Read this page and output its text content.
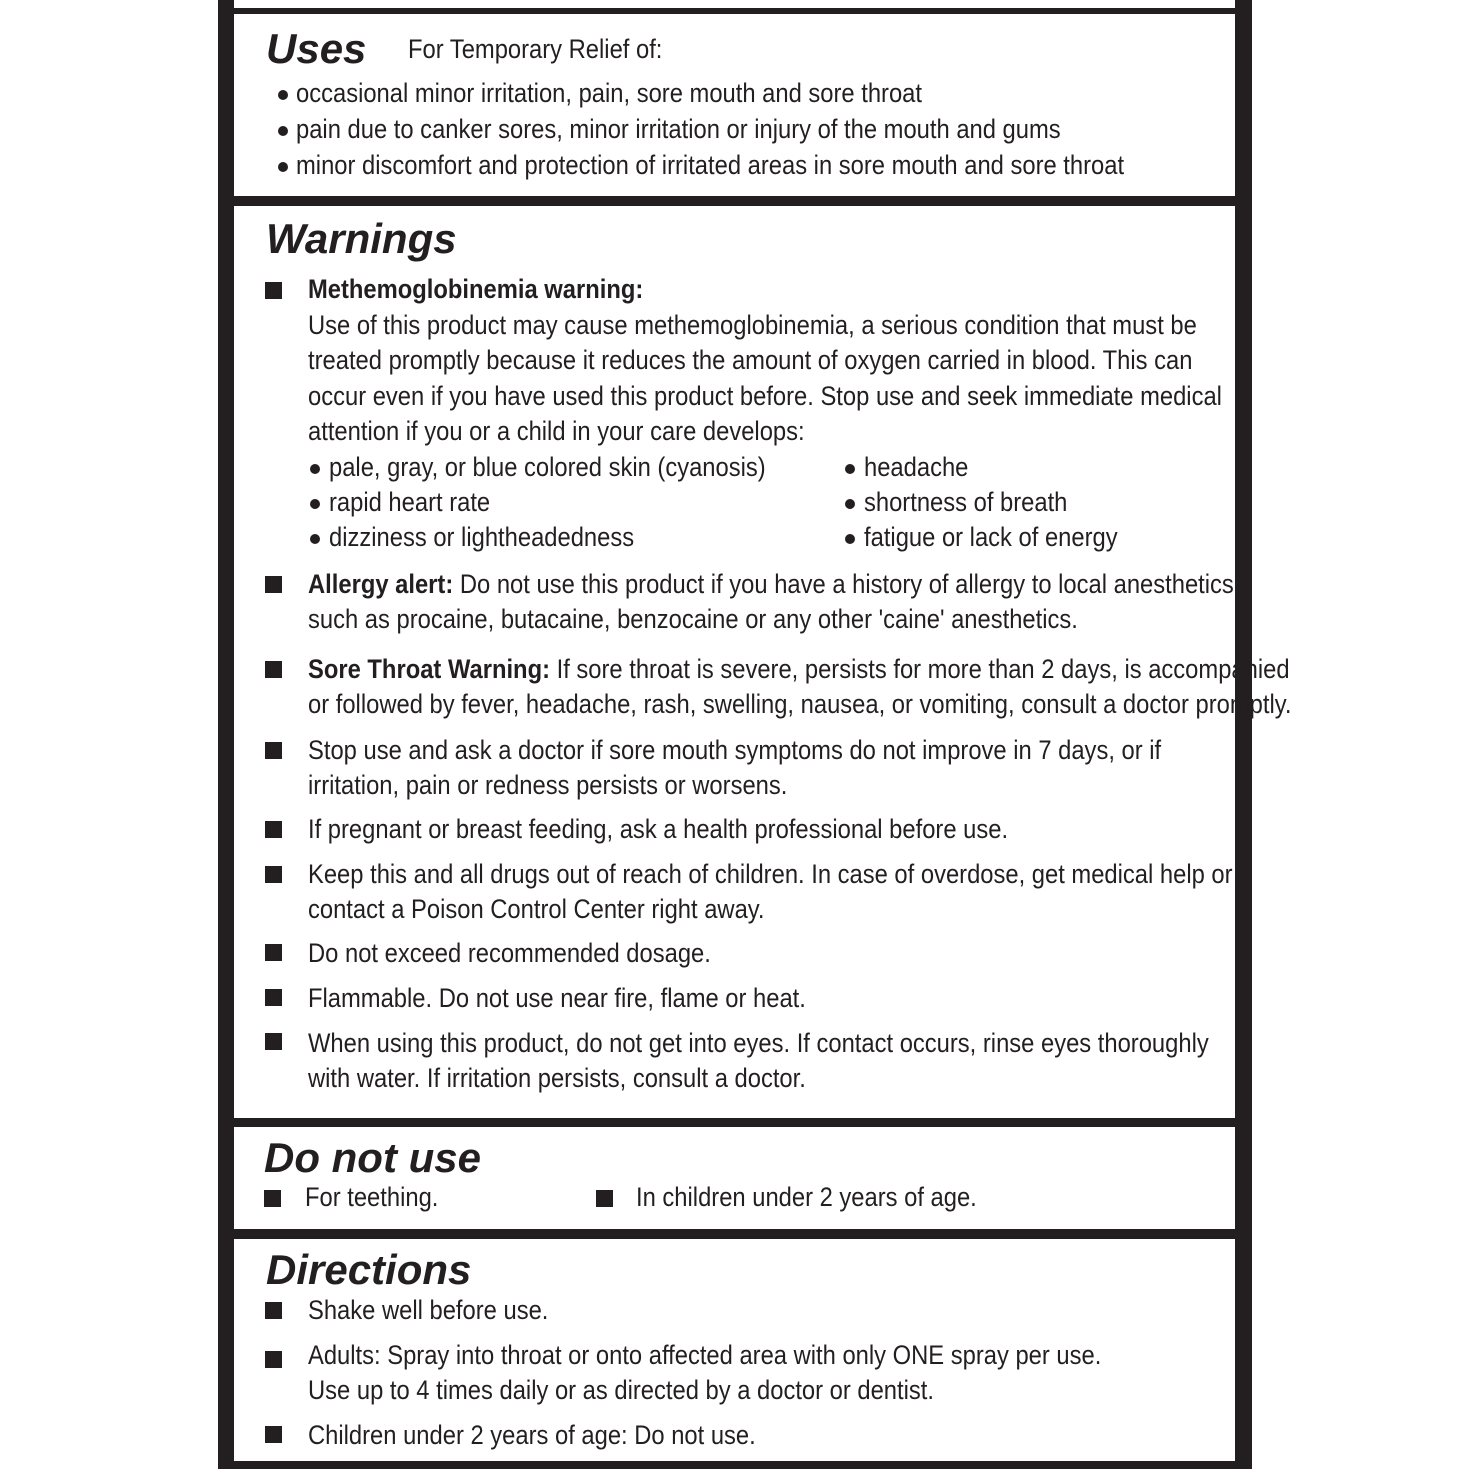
Uses For Temporary Relief of:
occasional minor irritation, pain, sore mouth and sore throat
pain due to canker sores, minor irritation or injury of the mouth and gums
minor discomfort and protection of irritated areas in sore mouth and sore throat
Warnings
Methemoglobinemia warning:
Use of this product may cause methemoglobinemia, a serious condition that must be
treated promptly because it reduces the amount of oxygen carried in blood. This can
occur even if you have used this product before. Stop use and seek immediate medical
attention if you or a child in your care develops:
pale, gray, or blue colored skin (cyanosis)	headache
rapid heart rate	shortness of breath
dizziness or lightheadedness	fatigue or lack of energy
Allergy alert: Do not use this product if you have a history of allergy to local anesthetics
such as procaine, butacaine, benzocaine or any other 'caine' anesthetics.
Sore Throat Warning: If sore throat is severe, persists for more than 2 days, is accompanied
or followed by fever, headache, rash, swelling, nausea, or vomiting, consult a doctor promptly.
Stop use and ask a doctor if sore mouth symptoms do not improve in 7 days, or if
irritation, pain or redness persists or worsens.
If pregnant or breast feeding, ask a health professional before use.
Keep this and all drugs out of reach of children. In case of overdose, get medical help or
contact a Poison Control Center right away.
Do not exceed recommended dosage.
Flammable. Do not use near fire, flame or heat.
When using this product, do not get into eyes. If contact occurs, rinse eyes thoroughly
with water. If irritation persists, consult a doctor.
Do not use
For teething.	In children under 2 years of age.
Directions
Shake well before use.
Adults: Spray into throat or onto affected area with only ONE spray per use.
Use up to 4 times daily or as directed by a doctor or dentist.
Children under 2 years of age: Do not use.
